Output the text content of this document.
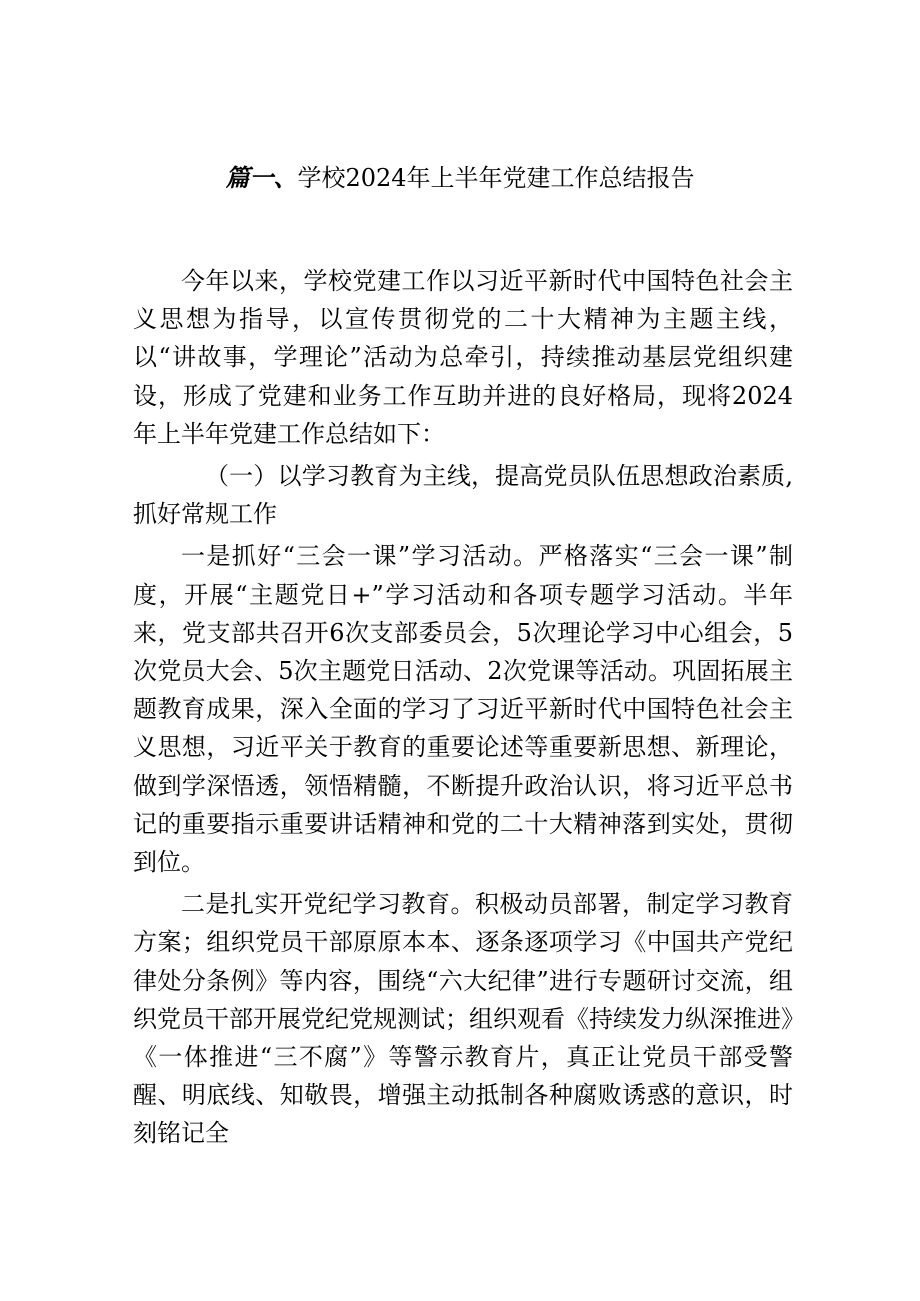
篇一、学校2024年上半年党建工作总结报告

今年以来，学校党建工作以习近平新时代中国特色社会主义思想为指导，以宣传贯彻党的二十大精神为主题主线，以“讲故事，学理论”活动为总牵引，持续推动基层党组织建设，形成了党建和业务工作互助并进的良好格局，现将2024年上半年党建工作总结如下：

（一）以学习教育为主线，提高党员队伍思想政治素质,抓好常规工作

一是抓好“三会一课”学习活动。严格落实“三会一课”制度，开展“主题党日+”学习活动和各项专题学习活动。半年来，党支部共召开6次支部委员会，5次理论学习中心组会，5次党员大会、5次主题党日活动、2次党课等活动。巩固拓展主题教育成果，深入全面的学习了习近平新时代中国特色社会主义思想，习近平关于教育的重要论述等重要新思想、新理论，做到学深悟透，领悟精髓，不断提升政治认识，将习近平总书记的重要指示重要讲话精神和党的二十大精神落到实处，贯彻到位。

二是扎实开党纪学习教育。积极动员部署，制定学习教育方案；组织党员干部原原本本、逐条逐项学习《中国共产党纪律处分条例》等内容，围绕“六大纪律”进行专题研讨交流，组织党员干部开展党纪党规测试；组织观看《持续发力纵深推进》《一体推进“三不腐”》等警示教育片，真正让党员干部受警醒、明底线、知敬畏，增强主动抵制各种腐败诱惑的意识，时刻铭记全
